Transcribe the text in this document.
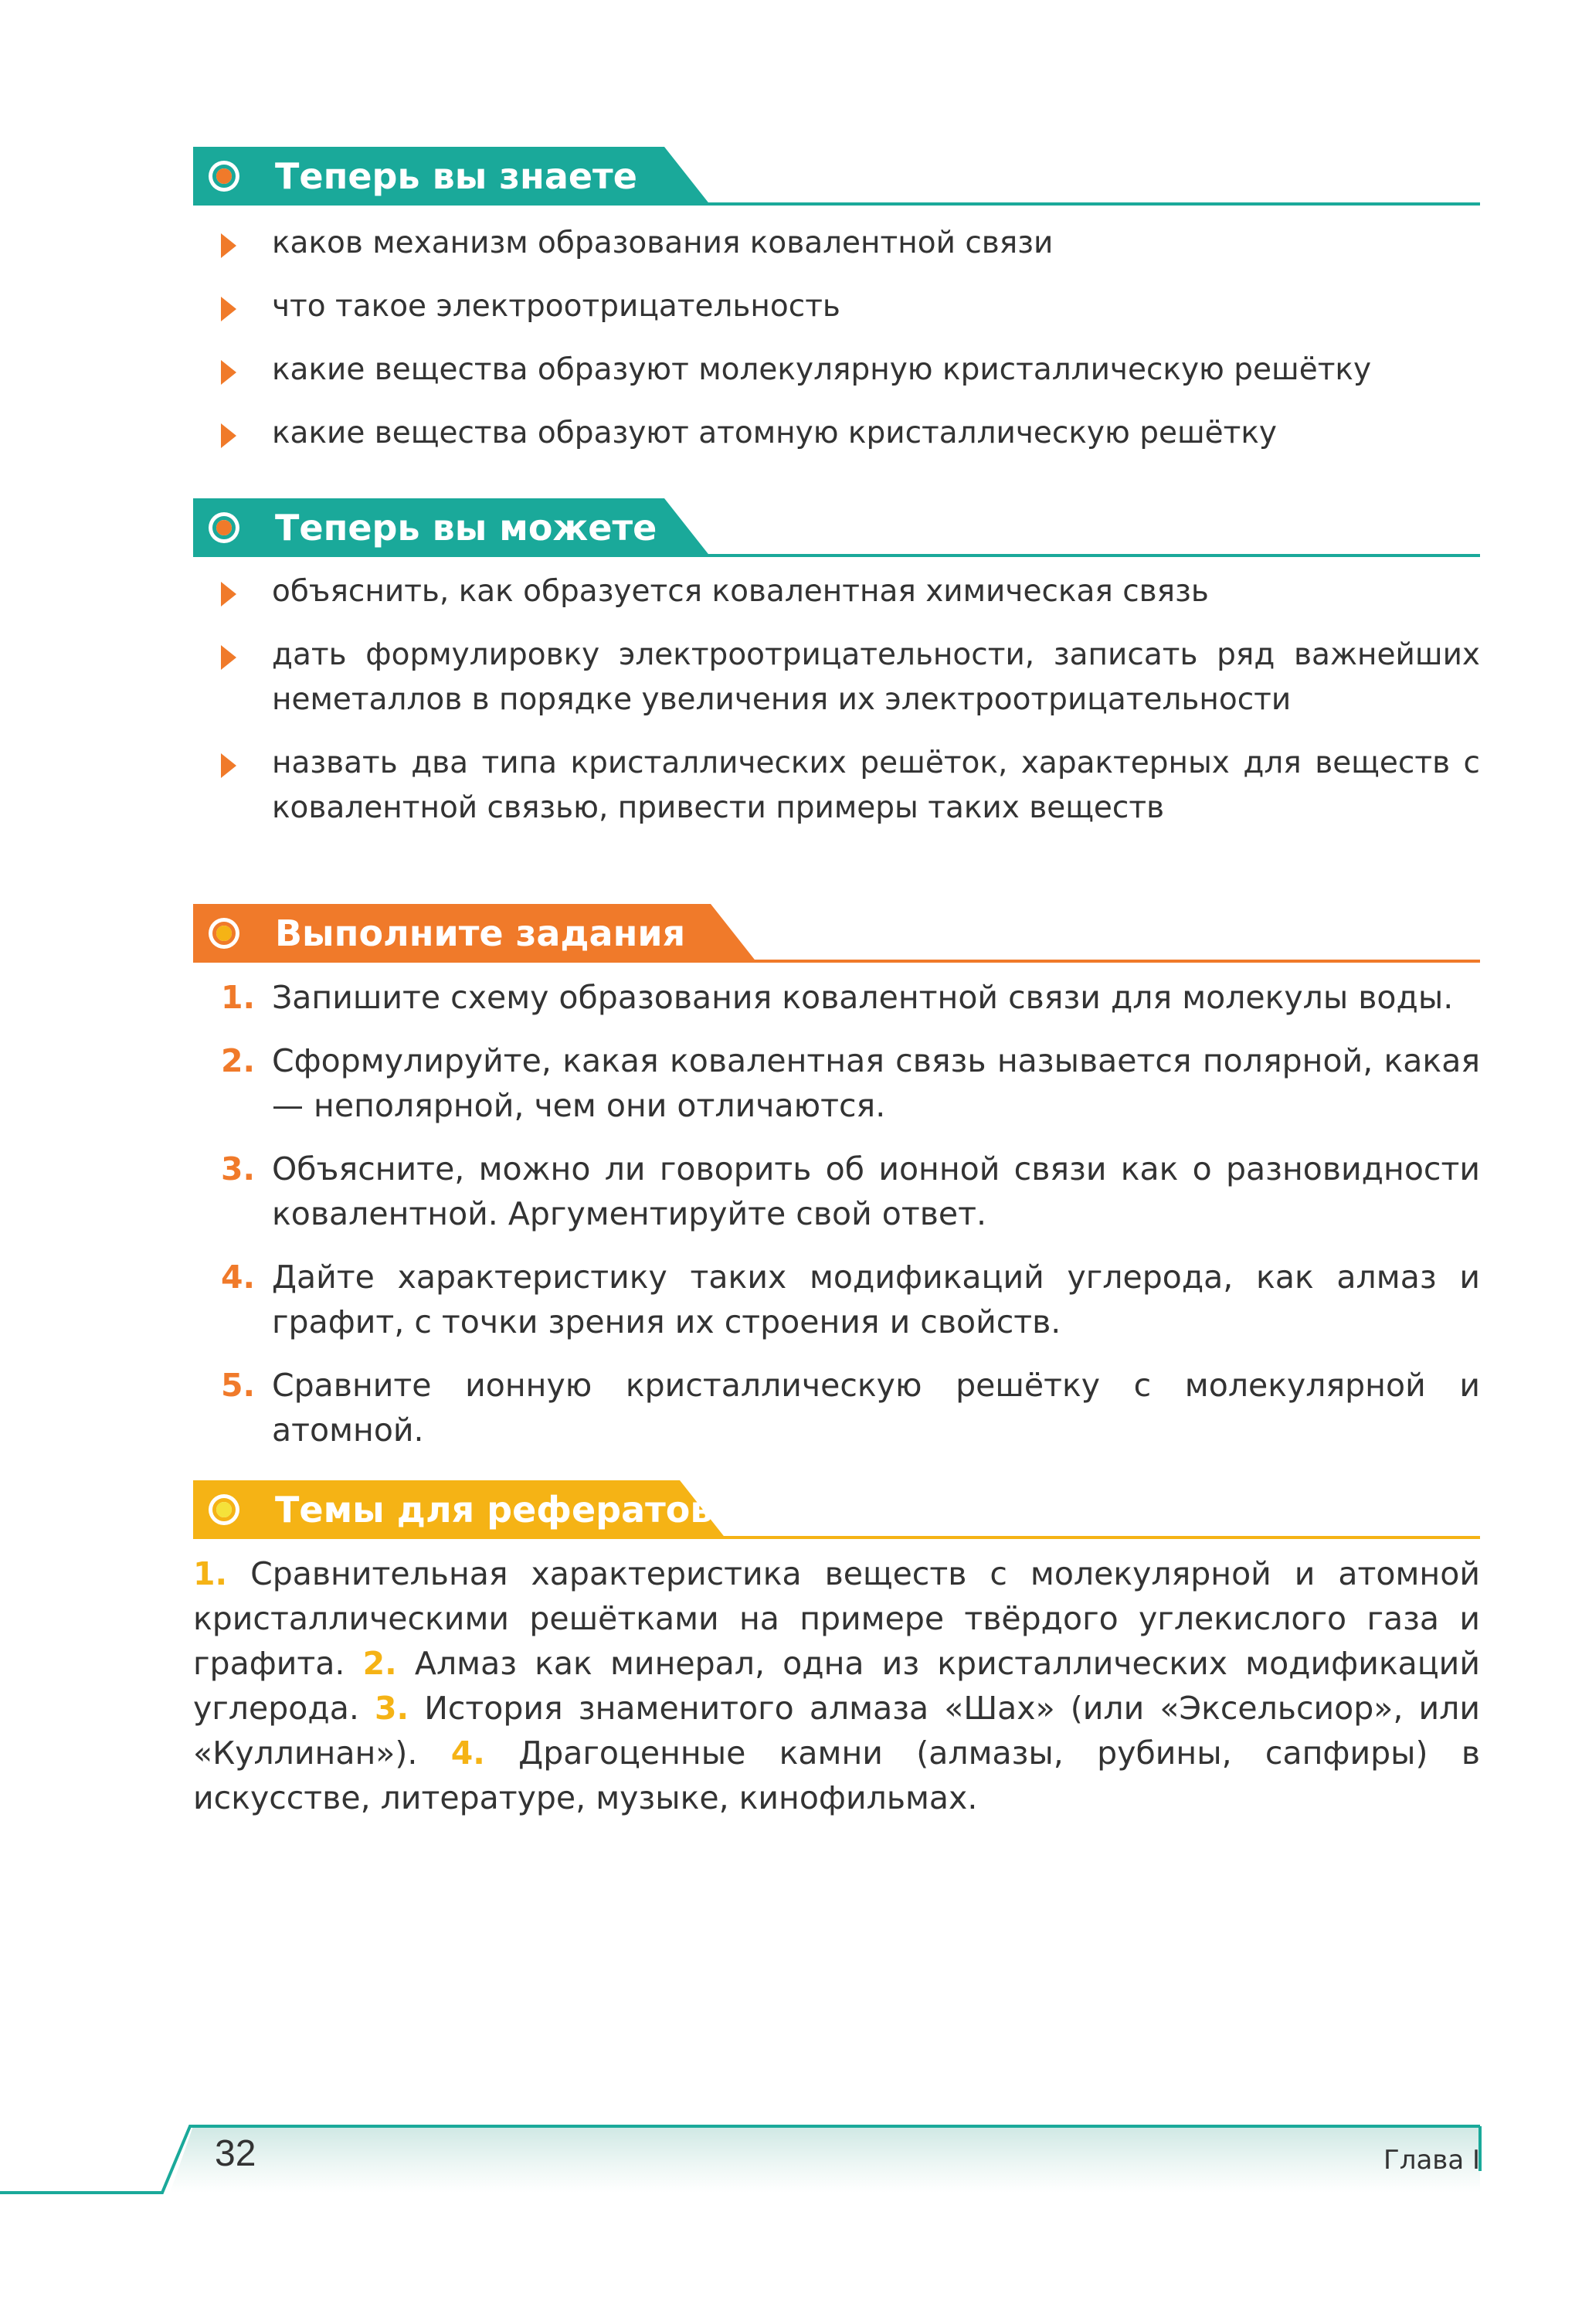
Теперь вы знаете
каков механизм образования ковалентной связи
что такое электроотрицательность
какие вещества образуют молекулярную кристаллическую решётку
какие вещества образуют атомную кристаллическую решётку
Теперь вы можете
объяснить, как образуется ковалентная химическая связь
дать формулировку электроотрицательности, записать ряд важнейших неметаллов в порядке увеличения их электроотрицательности
назвать два типа кристаллических решёток, характерных для веществ с ковалентной связью, привести примеры таких веществ
Выполните задания
1. Запишите схему образования ковалентной связи для молекулы воды.
2. Сформулируйте, какая ковалентная связь называется полярной, какая — неполярной, чем они отличаются.
3. Объясните, можно ли говорить об ионной связи как о разновидности ковалентной. Аргументируйте свой ответ.
4. Дайте характеристику таких модификаций углерода, как алмаз и графит, с точки зрения их строения и свойств.
5. Сравните ионную кристаллическую решётку с молекулярной и атомной.
Темы для рефератов

1. Сравнительная характеристика веществ с молекулярной и атомной кристаллическими решётками на примере твёрдого углекислого газа и графита. 2. Алмаз как минерал, одна из кристаллических модификаций углерода. 3. История знаменитого алмаза «Шах» (или «Эксельсиор», или «Куллинан»). 4. Драгоценные камни (алмазы, рубины, сапфиры) в искусстве, литературе, музыке, кинофильмах.

32	Глава I
